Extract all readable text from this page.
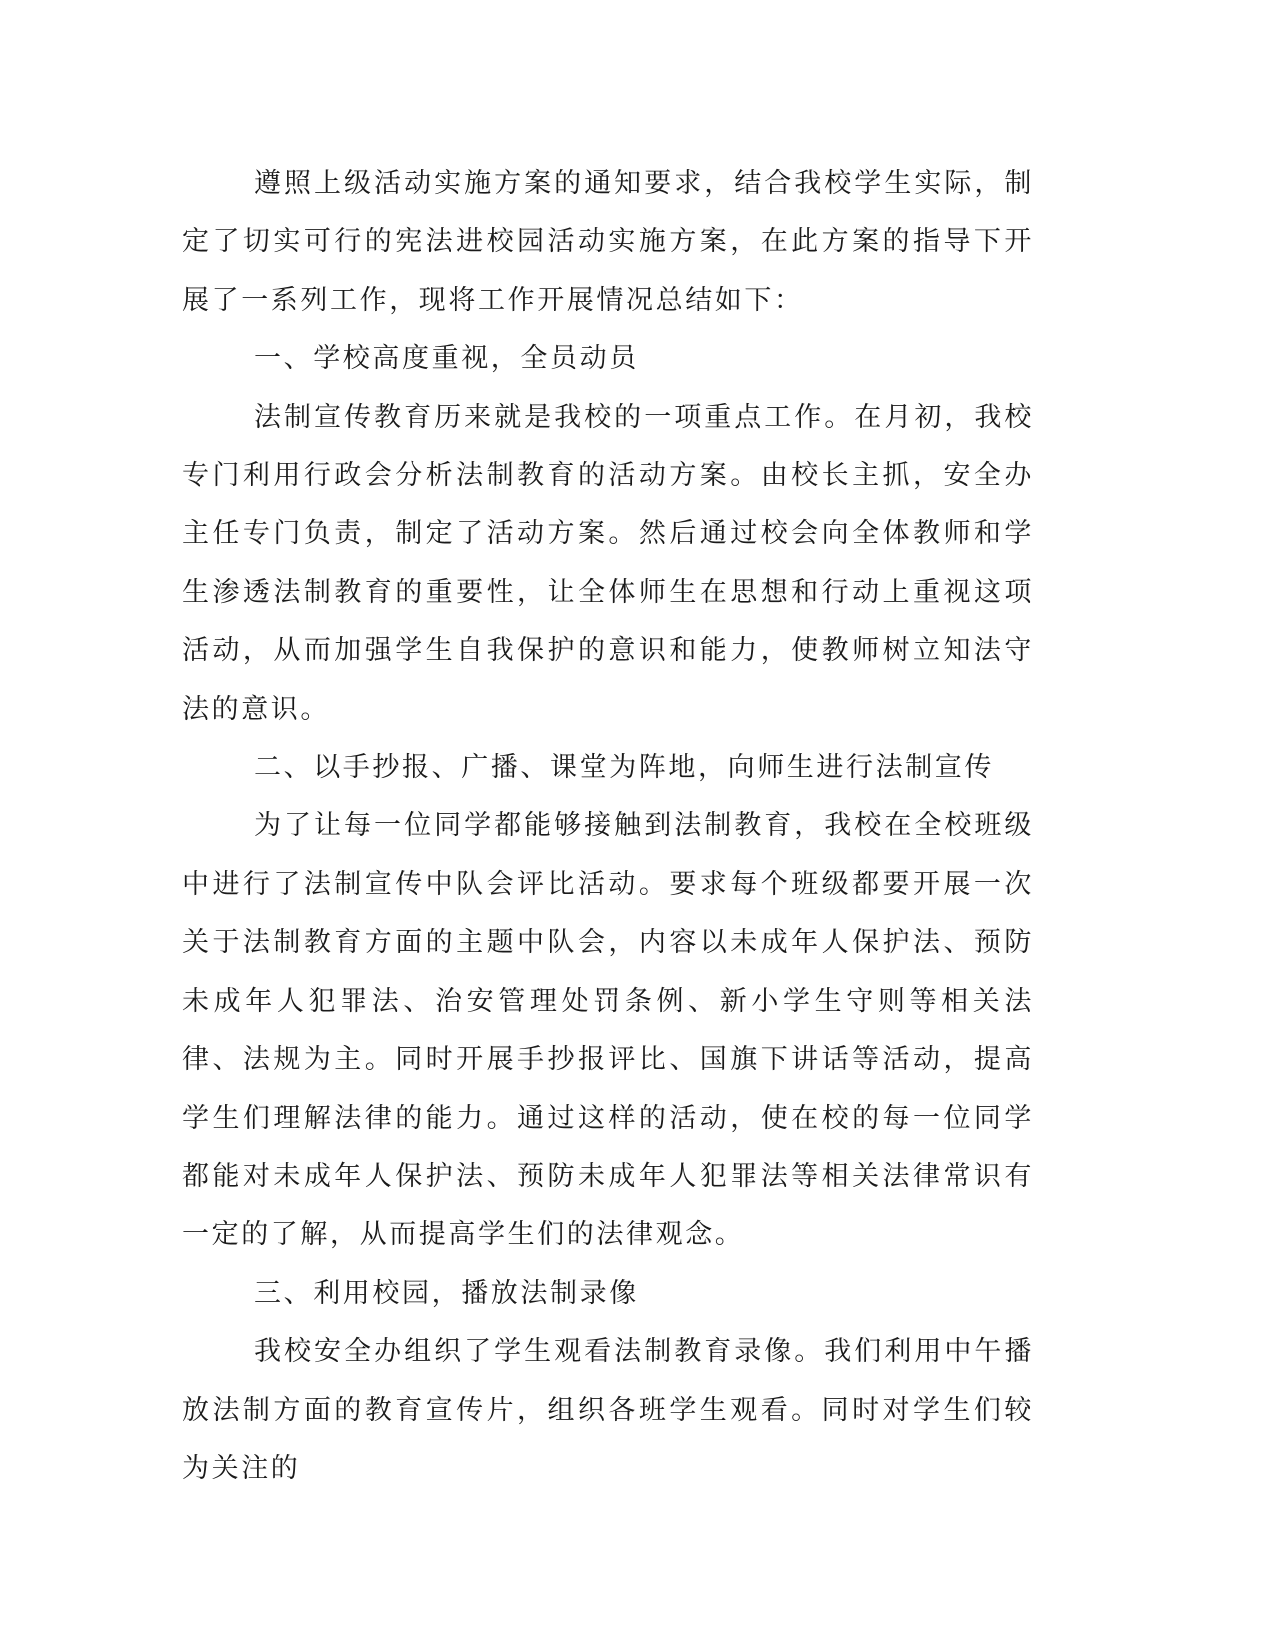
遵照上级活动实施方案的通知要求，结合我校学生实际，制定了切实可行的宪法进校园活动实施方案，在此方案的指导下开展了一系列工作，现将工作开展情况总结如下：

一、学校高度重视，全员动员

法制宣传教育历来就是我校的一项重点工作。在月初，我校专门利用行政会分析法制教育的活动方案。由校长主抓，安全办主任专门负责，制定了活动方案。然后通过校会向全体教师和学生渗透法制教育的重要性，让全体师生在思想和行动上重视这项活动，从而加强学生自我保护的意识和能力，使教师树立知法守法的意识。

二、以手抄报、广播、课堂为阵地，向师生进行法制宣传

为了让每一位同学都能够接触到法制教育，我校在全校班级中进行了法制宣传中队会评比活动。要求每个班级都要开展一次关于法制教育方面的主题中队会，内容以未成年人保护法、预防未成年人犯罪法、治安管理处罚条例、新小学生守则等相关法律、法规为主。同时开展手抄报评比、国旗下讲话等活动，提高学生们理解法律的能力。通过这样的活动，使在校的每一位同学都能对未成年人保护法、预防未成年人犯罪法等相关法律常识有一定的了解，从而提高学生们的法律观念。

三、利用校园，播放法制录像

我校安全办组织了学生观看法制教育录像。我们利用中午播放法制方面的教育宣传片，组织各班学生观看。同时对学生们较为关注的
